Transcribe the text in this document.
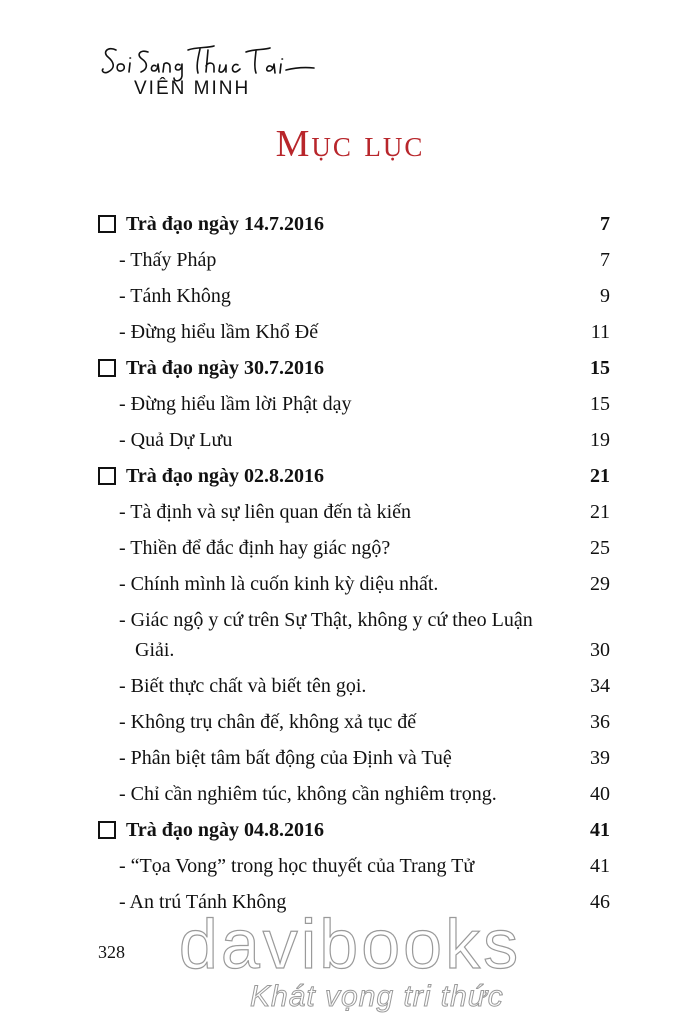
VIÊN MINH
Mục lục
Trà đạo ngày 14.7.2016	7
- Thấy Pháp	7
- Tánh Không	9
- Đừng hiểu lầm Khổ Đế	11
Trà đạo ngày 30.7.2016	15
- Đừng hiểu lầm lời Phật dạy	15
- Quả Dự Lưu	19
Trà đạo ngày 02.8.2016	21
- Tà định và sự liên quan đến tà kiến	21
- Thiền để đắc định hay giác ngộ?	25
- Chính mình là cuốn kinh kỳ diệu nhất.	29
- Giác ngộ y cứ trên Sự Thật, không y cứ theo Luận Giải.	30
- Biết thực chất và biết tên gọi.	34
- Không trụ chân đế, không xả tục đế	36
- Phân biệt tâm bất động của Định và Tuệ	39
- Chỉ cần nghiêm túc, không cần nghiêm trọng.	40
Trà đạo ngày 04.8.2016	41
- “Tọa Vong” trong học thuyết của Trang Tử	41
- An trú Tánh Không	46
328 davibooks
Khát vọng tri thức
